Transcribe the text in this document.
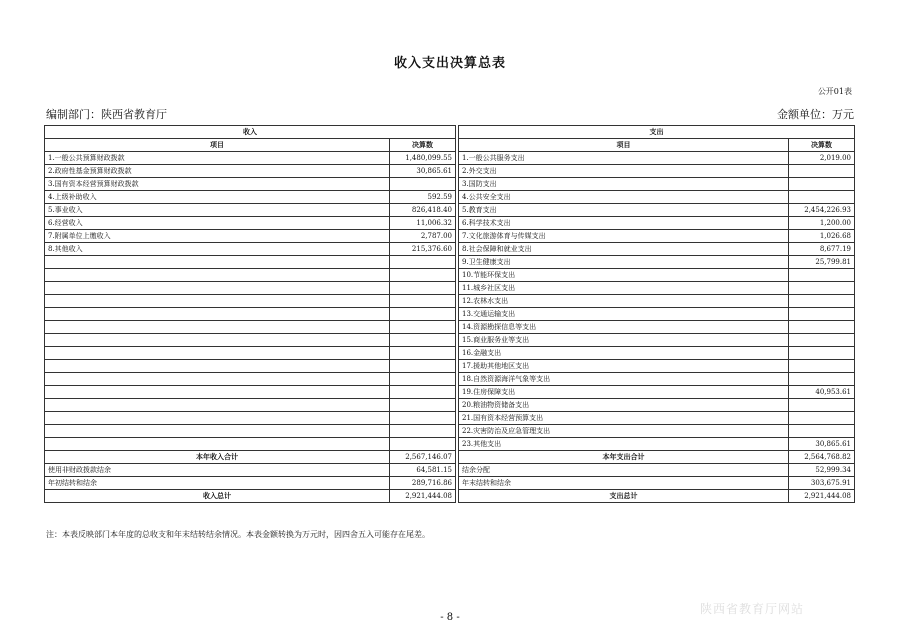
收入支出决算总表
公开01表
编制部门：陕西省教育厅	金额单位：万元
收入			支出	
项目	决算数		项目	决算数
1.一般公共预算财政拨款	1,480,099.55		1.一般公共服务支出	2,019.00
2.政府性基金预算财政拨款	30,865.61		2.外交支出	
3.国有资本经营预算财政拨款			3.国防支出	
4.上级补助收入	592.59		4.公共安全支出	
5.事业收入	826,418.40		5.教育支出	2,454,226.93
6.经营收入	11,006.32		6.科学技术支出	1,200.00
7.附属单位上缴收入	2,787.00		7.文化旅游体育与传媒支出	1,026.68
8.其他收入	215,376.60		8.社会保障和就业支出	8,677.19
			9.卫生健康支出	25,799.81
			10.节能环保支出	
			11.城乡社区支出	
			12.农林水支出	
			13.交通运输支出	
			14.资源勘探信息等支出	
			15.商业服务业等支出	
			16.金融支出	
			17.援助其他地区支出	
			18.自然资源海洋气象等支出	
			19.住房保障支出	40,953.61
			20.粮油物资储备支出	
			21.国有资本经营预算支出	
			22.灾害防治及应急管理支出	
			23.其他支出	30,865.61
本年收入合计	2,567,146.07		本年支出合计	2,564,768.82
使用非财政拨款结余	64,581.15		结余分配	52,999.34
年初结转和结余	289,716.86		年末结转和结余	303,675.91
收入总计	2,921,444.08		支出总计	2,921,444.08
注：本表反映部门本年度的总收支和年末结转结余情况。本表金额转换为万元时，因四舍五入可能存在尾差。
- 8 -
陕西省教育厅网站
